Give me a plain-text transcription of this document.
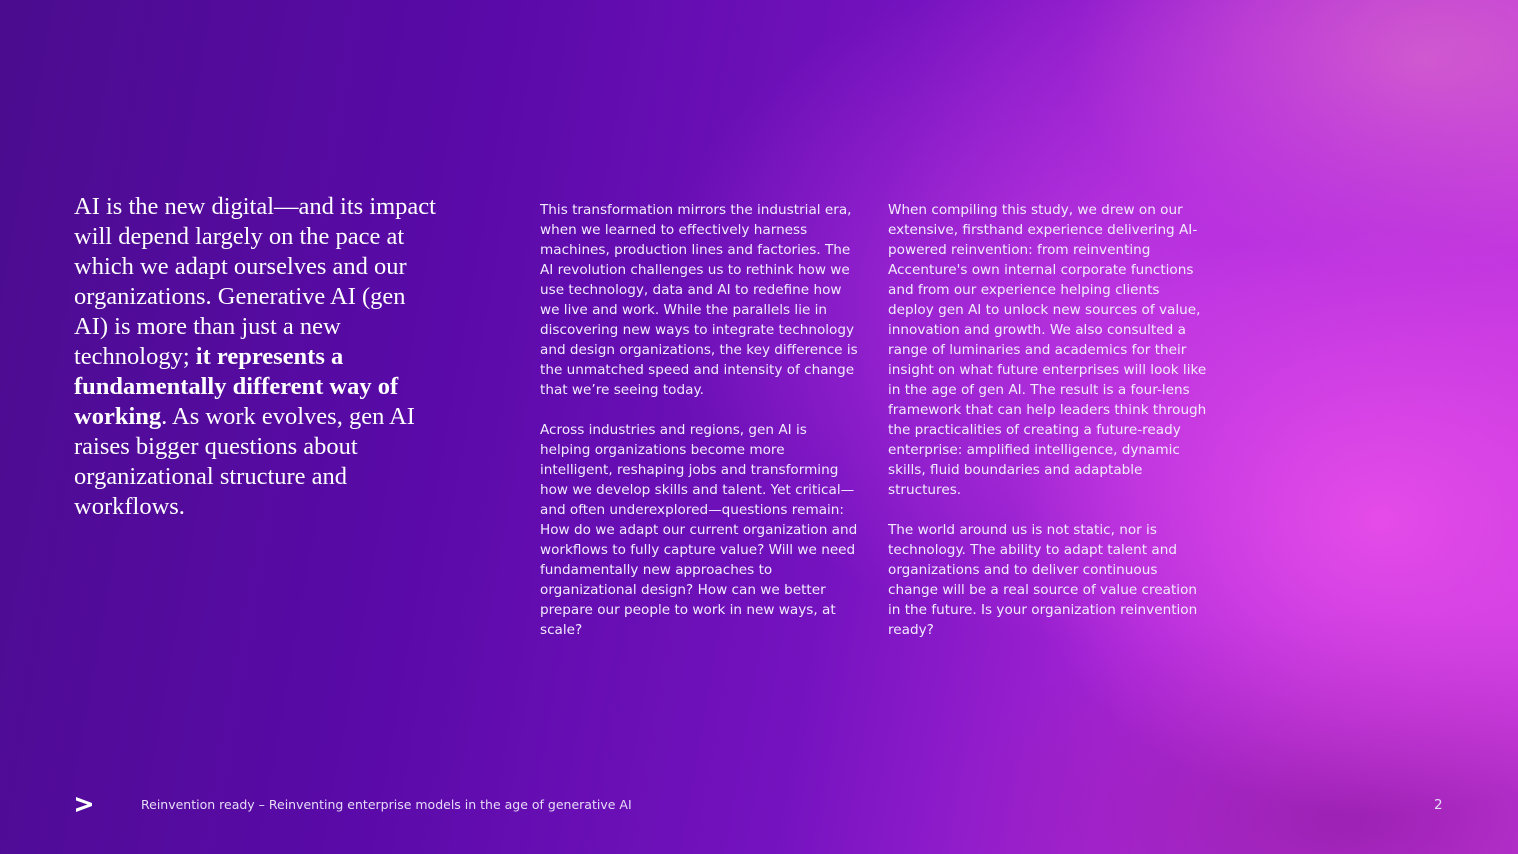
AI is the new digital—and its impact will depend largely on the pace at which we adapt ourselves and our organizations. Generative AI (gen AI) is more than just a new technology; it represents a fundamentally different way of working. As work evolves, gen AI raises bigger questions about organizational structure and workflows.

This transformation mirrors the industrial era, when we learned to effectively harness machines, production lines and factories. The AI revolution challenges us to rethink how we use technology, data and AI to redefine how we live and work. While the parallels lie in discovering new ways to integrate technology and design organizations, the key difference is the unmatched speed and intensity of change that we’re seeing today.

Across industries and regions, gen AI is helping organizations become more intelligent, reshaping jobs and transforming how we develop skills and talent. Yet critical—and often underexplored—questions remain: How do we adapt our current organization and workflows to fully capture value? Will we need fundamentally new approaches to organizational design? How can we better prepare our people to work in new ways, at scale?

When compiling this study, we drew on our extensive, firsthand experience delivering AI-powered reinvention: from reinventing Accenture's own internal corporate functions and from our experience helping clients deploy gen AI to unlock new sources of value, innovation and growth. We also consulted a range of luminaries and academics for their insight on what future enterprises will look like in the age of gen AI. The result is a four-lens framework that can help leaders think through the practicalities of creating a future-ready enterprise: amplified intelligence, dynamic skills, fluid boundaries and adaptable structures.

The world around us is not static, nor is technology. The ability to adapt talent and organizations and to deliver continuous change will be a real source of value creation in the future. Is your organization reinvention ready?

Reinvention ready – Reinventing enterprise models in the age of generative AI	2
